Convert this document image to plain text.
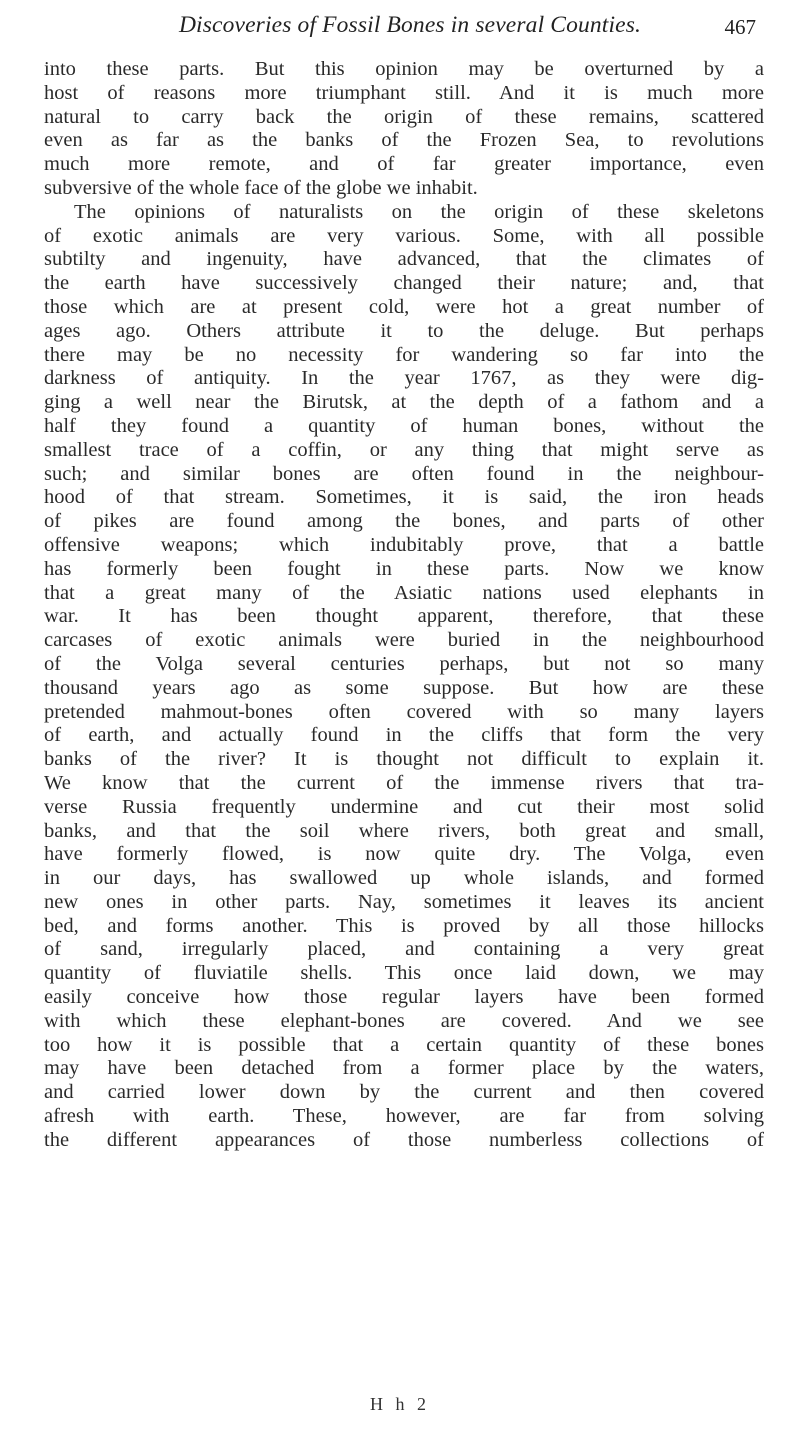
Discoveries of Fossil Bones in several Counties.	467
into these parts. But this opinion may be overturned by a
host of reasons more triumphant still. And it is much more
natural to carry back the origin of these remains, scattered
even as far as the banks of the Frozen Sea, to revolutions
much more remote, and of far greater importance, even
subversive of the whole face of the globe we inhabit.
The opinions of naturalists on the origin of these skeletons
of exotic animals are very various. Some, with all possible
subtilty and ingenuity, have advanced, that the climates of
the earth have successively changed their nature; and, that
those which are at present cold, were hot a great number of
ages ago. Others attribute it to the deluge. But perhaps
there may be no necessity for wandering so far into the
darkness of antiquity. In the year 1767, as they were dig-
ging a well near the Birutsk, at the depth of a fathom and a
half they found a quantity of human bones, without the
smallest trace of a coffin, or any thing that might serve as
such; and similar bones are often found in the neighbour-
hood of that stream. Sometimes, it is said, the iron heads
of pikes are found among the bones, and parts of other
offensive weapons; which indubitably prove, that a battle
has formerly been fought in these parts. Now we know
that a great many of the Asiatic nations used elephants in
war. It has been thought apparent, therefore, that these
carcases of exotic animals were buried in the neighbourhood
of the Volga several centuries perhaps, but not so many
thousand years ago as some suppose. But how are these
pretended mahmout-bones often covered with so many layers
of earth, and actually found in the cliffs that form the very
banks of the river? It is thought not difficult to explain it.
We know that the current of the immense rivers that tra-
verse Russia frequently undermine and cut their most solid
banks, and that the soil where rivers, both great and small,
have formerly flowed, is now quite dry. The Volga, even
in our days, has swallowed up whole islands, and formed
new ones in other parts. Nay, sometimes it leaves its ancient
bed, and forms another. This is proved by all those hillocks
of sand, irregularly placed, and containing a very great
quantity of fluviatile shells. This once laid down, we may
easily conceive how those regular layers have been formed
with which these elephant-bones are covered. And we see
too how it is possible that a certain quantity of these bones
may have been detached from a former place by the waters,
and carried lower down by the current and then covered
afresh with earth. These, however, are far from solving
the different appearances of those numberless collections of
H h 2
